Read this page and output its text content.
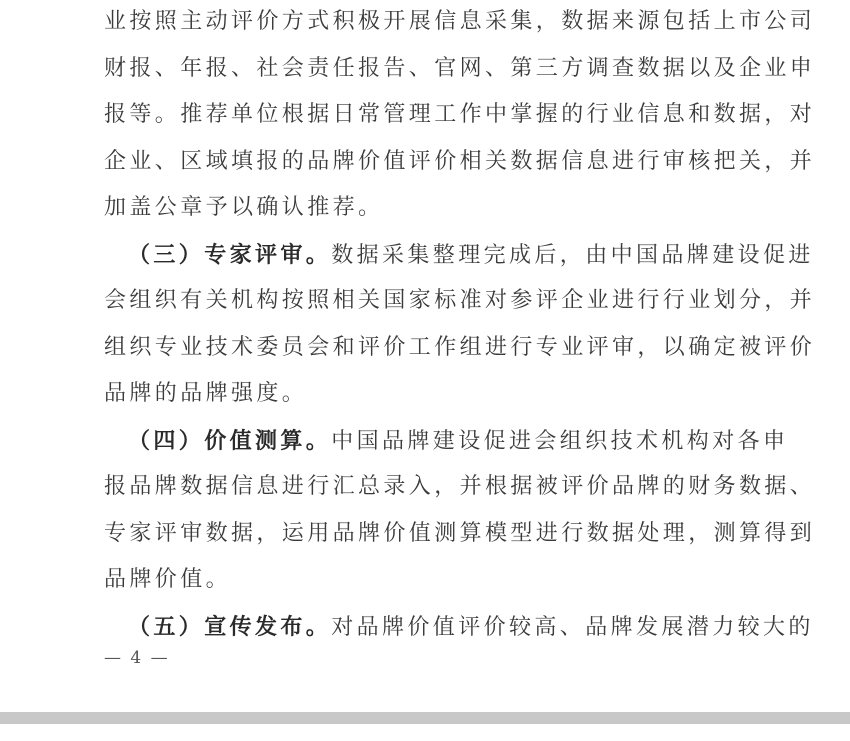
业按照主动评价方式积极开展信息采集，数据来源包括上市公司
财报、年报、社会责任报告、官网、第三方调查数据以及企业申
报等。推荐单位根据日常管理工作中掌握的行业信息和数据，对
企业、区域填报的品牌价值评价相关数据信息进行审核把关，并
加盖公章予以确认推荐。
（三）专家评审。数据采集整理完成后，由中国品牌建设促进
会组织有关机构按照相关国家标准对参评企业进行行业划分，并
组织专业技术委员会和评价工作组进行专业评审，以确定被评价
品牌的品牌强度。
（四）价值测算。中国品牌建设促进会组织技术机构对各申
报品牌数据信息进行汇总录入，并根据被评价品牌的财务数据、
专家评审数据，运用品牌价值测算模型进行数据处理，测算得到
品牌价值。
（五）宣传发布。对品牌价值评价较高、品牌发展潜力较大的
— 4 —
